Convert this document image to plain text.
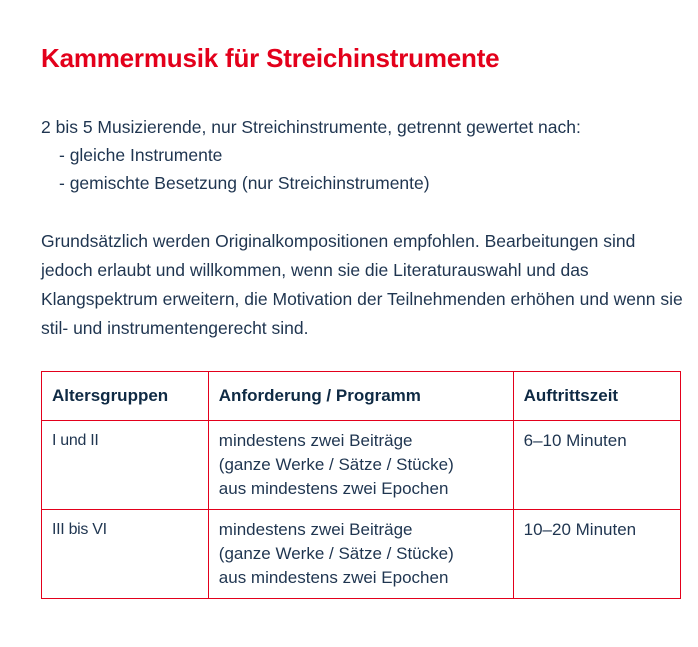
Kammermusik für Streichinstrumente

2 bis 5 Musizierende, nur Streichinstrumente, getrennt gewertet nach:

- gleiche Instrumente
- gemischte Besetzung (nur Streichinstrumente)

Grundsätzlich werden Originalkompositionen empfohlen. Bearbeitungen sind jedoch erlaubt und willkommen, wenn sie die Literaturauswahl und das Klangspektrum erweitern, die Motivation der Teilnehmenden erhöhen und wenn sie stil- und instrumentengerecht sind.

Altersgruppen	Anforderung / Programm	Auftrittszeit
I und II	mindestens zwei Beiträge
(ganze Werke / Sätze / Stücke)
aus mindestens zwei Epochen	6–10 Minuten
III bis VI	mindestens zwei Beiträge
(ganze Werke / Sätze / Stücke)
aus mindestens zwei Epochen	10–20 Minuten
